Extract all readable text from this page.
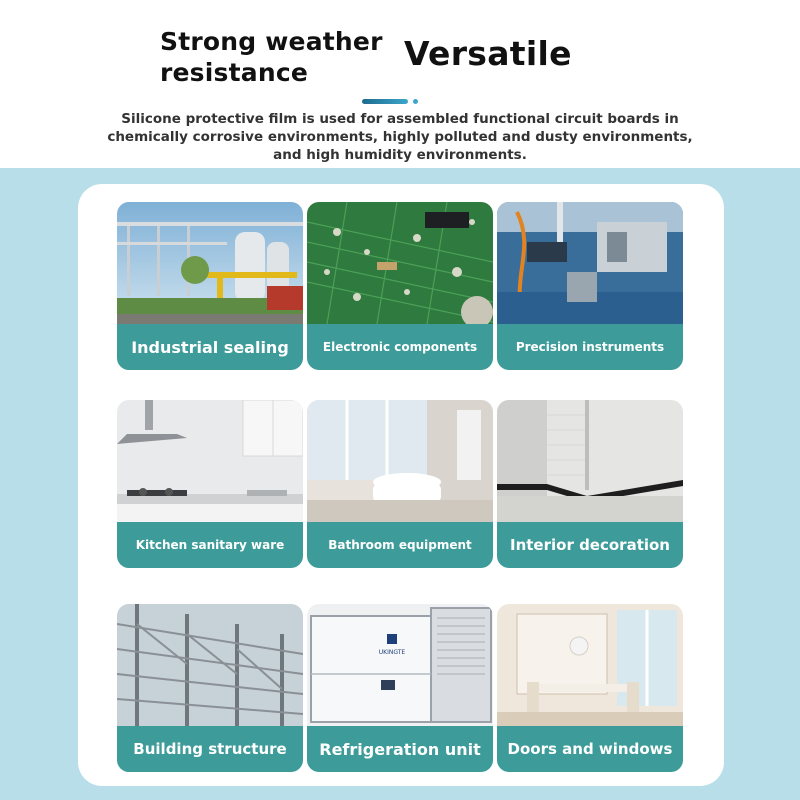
Strong weather resistance	Versatile
Silicone protective film is used for assembled functional circuit boards in chemically corrosive environments, highly polluted and dusty environments, and high humidity environments.
Industrial sealing	Electronic components	Precision instruments
Kitchen sanitary ware	Bathroom equipment	Interior decoration
Building structure
UKINGTE
Refrigeration unit	Doors and windows
